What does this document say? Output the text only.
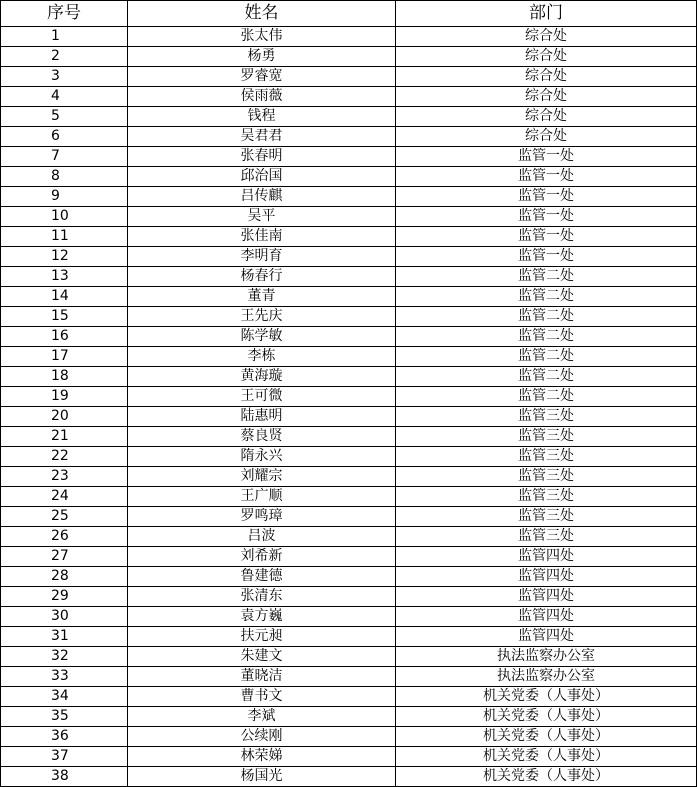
序号	姓名	部门
1	张太伟	综合处
2	杨勇	综合处
3	罗睿宽	综合处
4	侯雨薇	综合处
5	钱程	综合处
6	吴君君	综合处
7	张春明	监管一处
8	邱治国	监管一处
9	吕传麒	监管一处
10	吴平	监管一处
11	张佳南	监管一处
12	李明育	监管一处
13	杨春行	监管二处
14	董青	监管二处
15	王先庆	监管二处
16	陈学敏	监管二处
17	李栋	监管二处
18	黄海璇	监管二处
19	王可微	监管二处
20	陆惠明	监管三处
21	蔡良贤	监管三处
22	隋永兴	监管三处
23	刘耀宗	监管三处
24	王广顺	监管三处
25	罗鸣璋	监管三处
26	吕波	监管三处
27	刘希新	监管四处
28	鲁建德	监管四处
29	张清东	监管四处
30	袁方巍	监管四处
31	扶元昶	监管四处
32	朱建文	执法监察办公室
33	董晓洁	执法监察办公室
34	曹书文	机关党委（人事处）
35	李斌	机关党委（人事处）
36	公续刚	机关党委（人事处）
37	林荣娣	机关党委（人事处）
38	杨国光	机关党委（人事处）
